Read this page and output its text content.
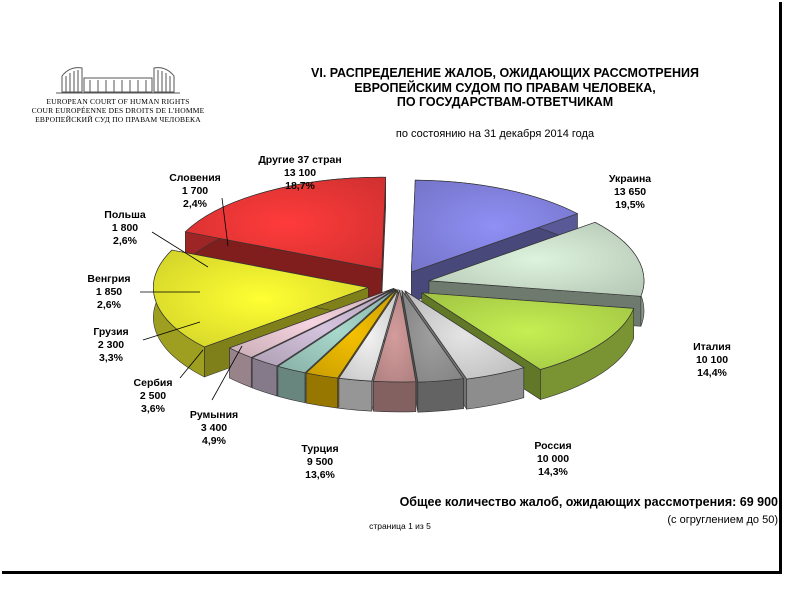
EUROPEAN COURT OF HUMAN RIGHTS
COUR EUROPÉENNE DES DROITS DE L'HOMME
ЕВРОПЕЙСКИЙ СУД ПО ПРАВАМ ЧЕЛОВЕКА
VI. РАСПРЕДЕЛЕНИЕ ЖАЛОБ, ОЖИДАЮЩИХ РАССМОТРЕНИЯ
ЕВРОПЕЙСКИМ СУДОМ ПО ПРАВАМ ЧЕЛОВЕКА,
ПО ГОСУДАРСТВАМ-ОТВЕТЧИКАМ
по состоянию на 31 декабря 2014 года
Украина
13 650
19,5%
Италия
10 100
14,4%
Россия
10 000
14,3%
Турция
9 500
13,6%
Румыния
3 400
4,9%
Сербия
2 500
3,6%
Грузия
2 300
3,3%
Венгрия
1 850
2,6%
Польша
1 800
2,6%
Словения
1 700
2,4%
Другие 37 стран
13 100
18,7%
Общее количество жалоб, ожидающих рассмотрения: 69 900
(с огруглением до 50)
страница 1 из 5
